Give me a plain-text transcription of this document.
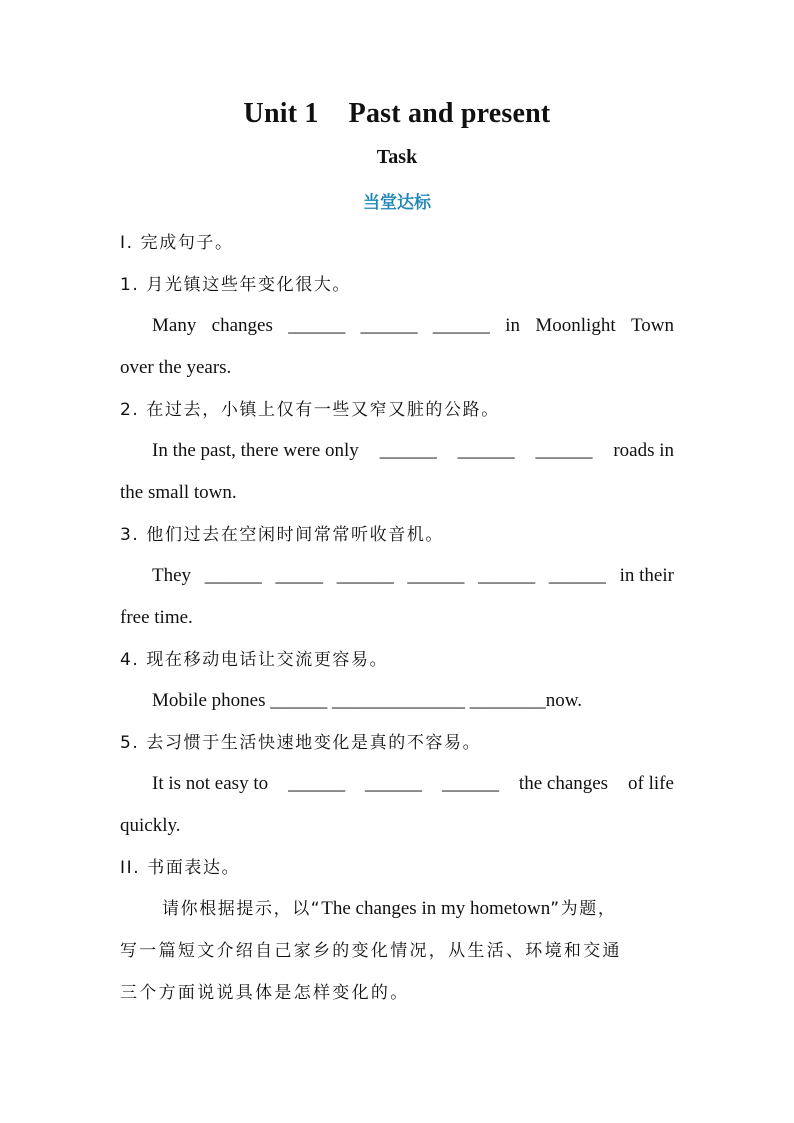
Unit 1 Past and present
Task
当堂达标
I. 完成句子。
1. 月光镇这些年变化很大。
Many changes ______ ______ ______ in Moonlight Town
over the years.
2. 在过去，小镇上仅有一些又窄又脏的公路。
In the past, there were only ______ ______ ______ roads in
the small town.
3. 他们过去在空闲时间常常听收音机。
They ______ _____ ______ ______ ______ ______ in their
free time.
4. 现在移动电话让交流更容易。
Mobile phones ______ ______________ ________now.
5. 去习惯于生活快速地变化是真的不容易。
It is not easy to ______ ______ ______ the changes of life
quickly.
II. 书面表达。
请你根据提示，以“The changes in my hometown”为题，
写一篇短文介绍自己家乡的变化情况，从生活、环境和交通
三个方面说说具体是怎样变化的。
